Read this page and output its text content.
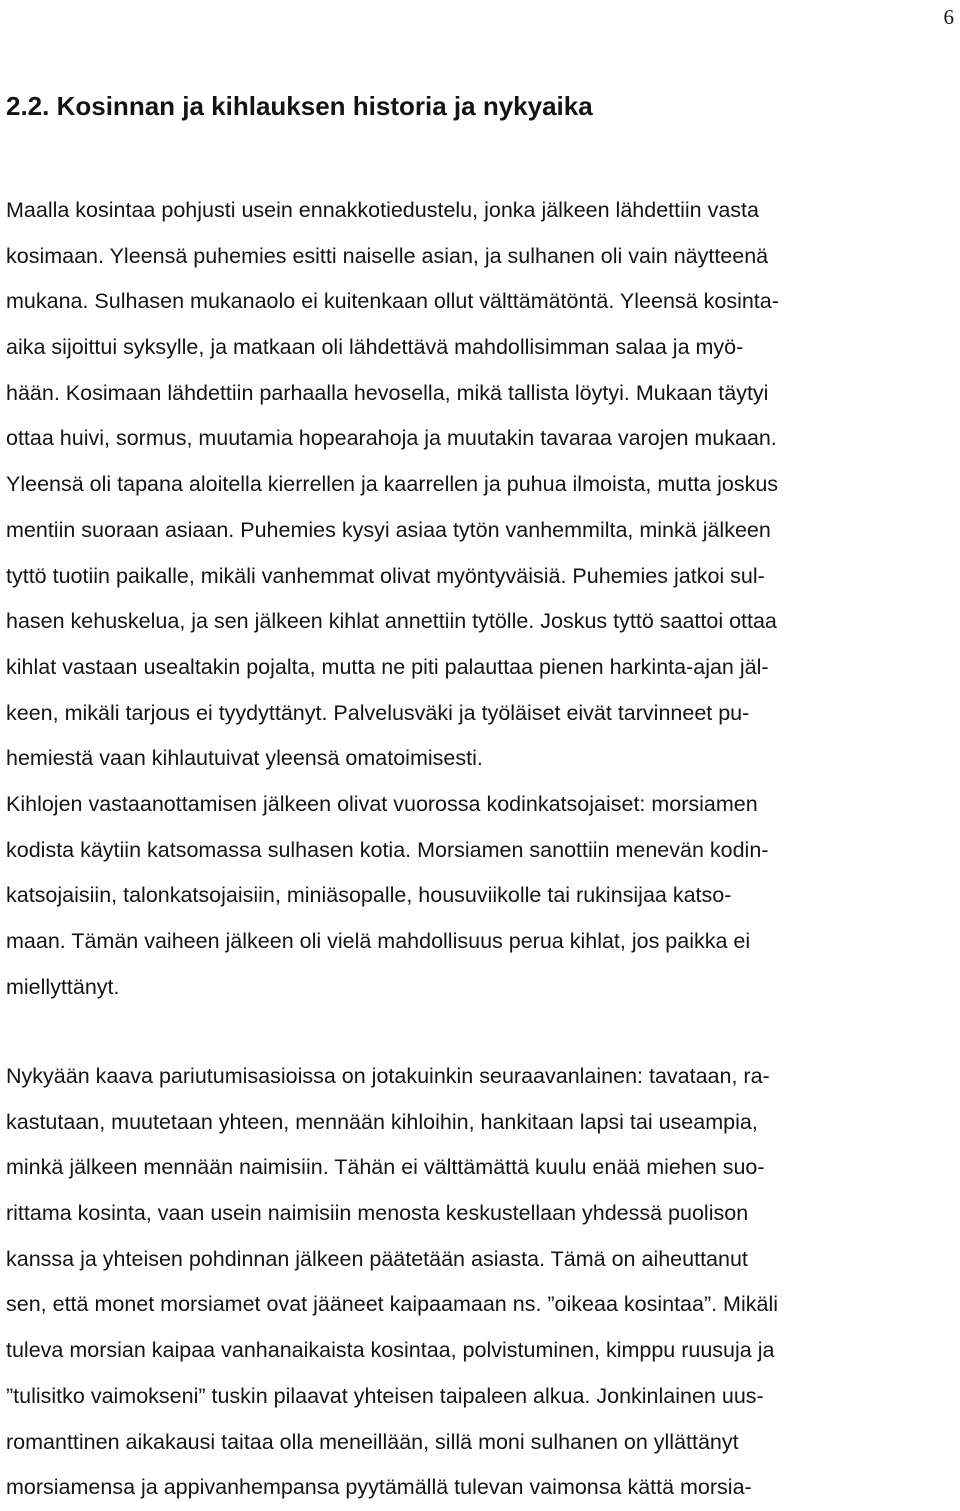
6
2.2. Kosinnan ja kihlauksen historia ja nykyaika
Maalla kosintaa pohjusti usein ennakkotiedustelu, jonka jälkeen lähdettiin vasta
kosimaan. Yleensä puhemies esitti naiselle asian, ja sulhanen oli vain näytteenä
mukana. Sulhasen mukanaolo ei kuitenkaan ollut välttämätöntä. Yleensä kosinta-
aika sijoittui syksylle, ja matkaan oli lähdettävä mahdollisimman salaa ja myö-
hään. Kosimaan lähdettiin parhaalla hevosella, mikä tallista löytyi. Mukaan täytyi
ottaa huivi, sormus, muutamia hopearahoja ja muutakin tavaraa varojen mukaan.
Yleensä oli tapana aloitella kierrellen ja kaarrellen ja puhua ilmoista, mutta joskus
mentiin suoraan asiaan. Puhemies kysyi asiaa tytön vanhemmilta, minkä jälkeen
tyttö tuotiin paikalle, mikäli vanhemmat olivat myöntyväisiä. Puhemies jatkoi sul-
hasen kehuskelua, ja sen jälkeen kihlat annettiin tytölle. Joskus tyttö saattoi ottaa
kihlat vastaan usealtakin pojalta, mutta ne piti palauttaa pienen harkinta-ajan jäl-
keen, mikäli tarjous ei tyydyttänyt. Palvelusväki ja työläiset eivät tarvinneet pu-
hemiestä vaan kihlautuivat yleensä omatoimisesti.
Kihlojen vastaanottamisen jälkeen olivat vuorossa kodinkatsojaiset: morsiamen
kodista käytiin katsomassa sulhasen kotia. Morsiamen sanottiin menevän kodin-
katsojaisiin, talonkatsojaisiin, miniäsopalle, housuviikolle tai rukinsijaa katso-
maan. Tämän vaiheen jälkeen oli vielä mahdollisuus perua kihlat, jos paikka ei
miellyttänyt.
Nykyään kaava pariutumisasioissa on jotakuinkin seuraavanlainen: tavataan, ra-
kastutaan, muutetaan yhteen, mennään kihloihin, hankitaan lapsi tai useampia,
minkä jälkeen mennään naimisiin. Tähän ei välttämättä kuulu enää miehen suo-
rittama kosinta, vaan usein naimisiin menosta keskustellaan yhdessä puolison
kanssa ja yhteisen pohdinnan jälkeen päätetään asiasta. Tämä on aiheuttanut
sen, että monet morsiamet ovat jääneet kaipaamaan ns. ”oikeaa kosintaa”. Mikäli
tuleva morsian kaipaa vanhanaikaista kosintaa, polvistuminen, kimppu ruusuja ja
”tulisitko vaimokseni” tuskin pilaavat yhteisen taipaleen alkua. Jonkinlainen uus-
romanttinen aikakausi taitaa olla meneillään, sillä moni sulhanen on yllättänyt
morsiamensa ja appivanhempansa pyytämällä tulevan vaimonsa kättä morsia-
